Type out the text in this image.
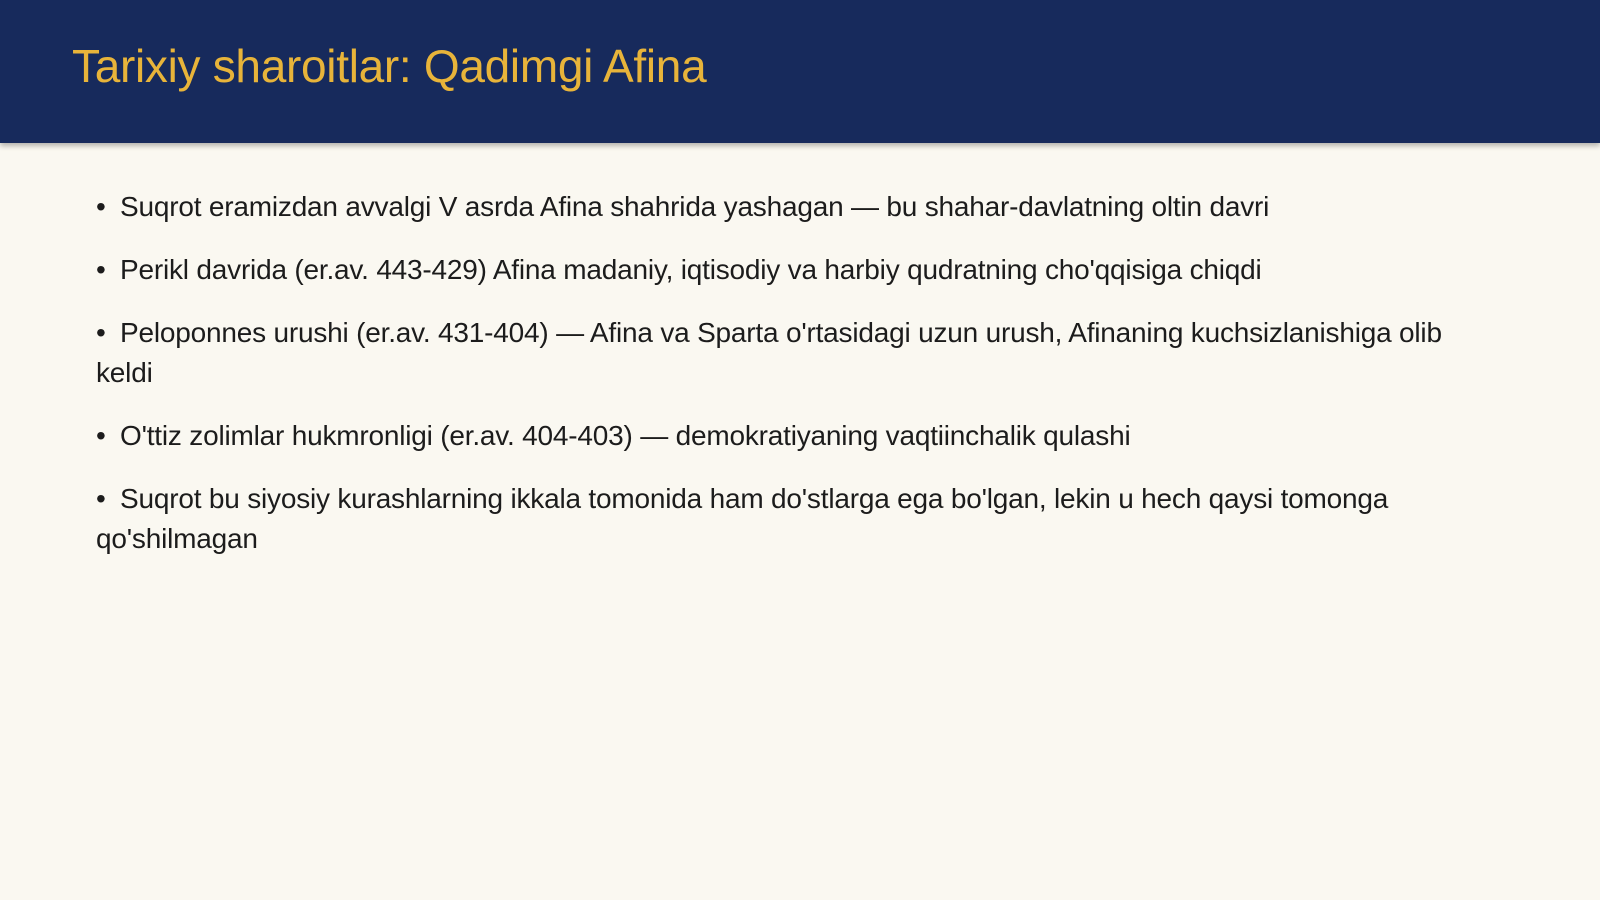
Tarixiy sharoitlar: Qadimgi Afina
• Suqrot eramizdan avvalgi V asrda Afina shahrida yashagan — bu shahar-davlatning oltin davri
• Perikl davrida (er.av. 443-429) Afina madaniy, iqtisodiy va harbiy qudratning cho'qqisiga chiqdi
• Peloponnes urushi (er.av. 431-404) — Afina va Sparta o'rtasidagi uzun urush, Afinaning kuchsizlanishiga olib keldi
• O'ttiz zolimlar hukmronligi (er.av. 404-403) — demokratiyaning vaqtiinchalik qulashi
• Suqrot bu siyosiy kurashlarning ikkala tomonida ham do'stlarga ega bo'lgan, lekin u hech qaysi tomonga qo'shilmagan
